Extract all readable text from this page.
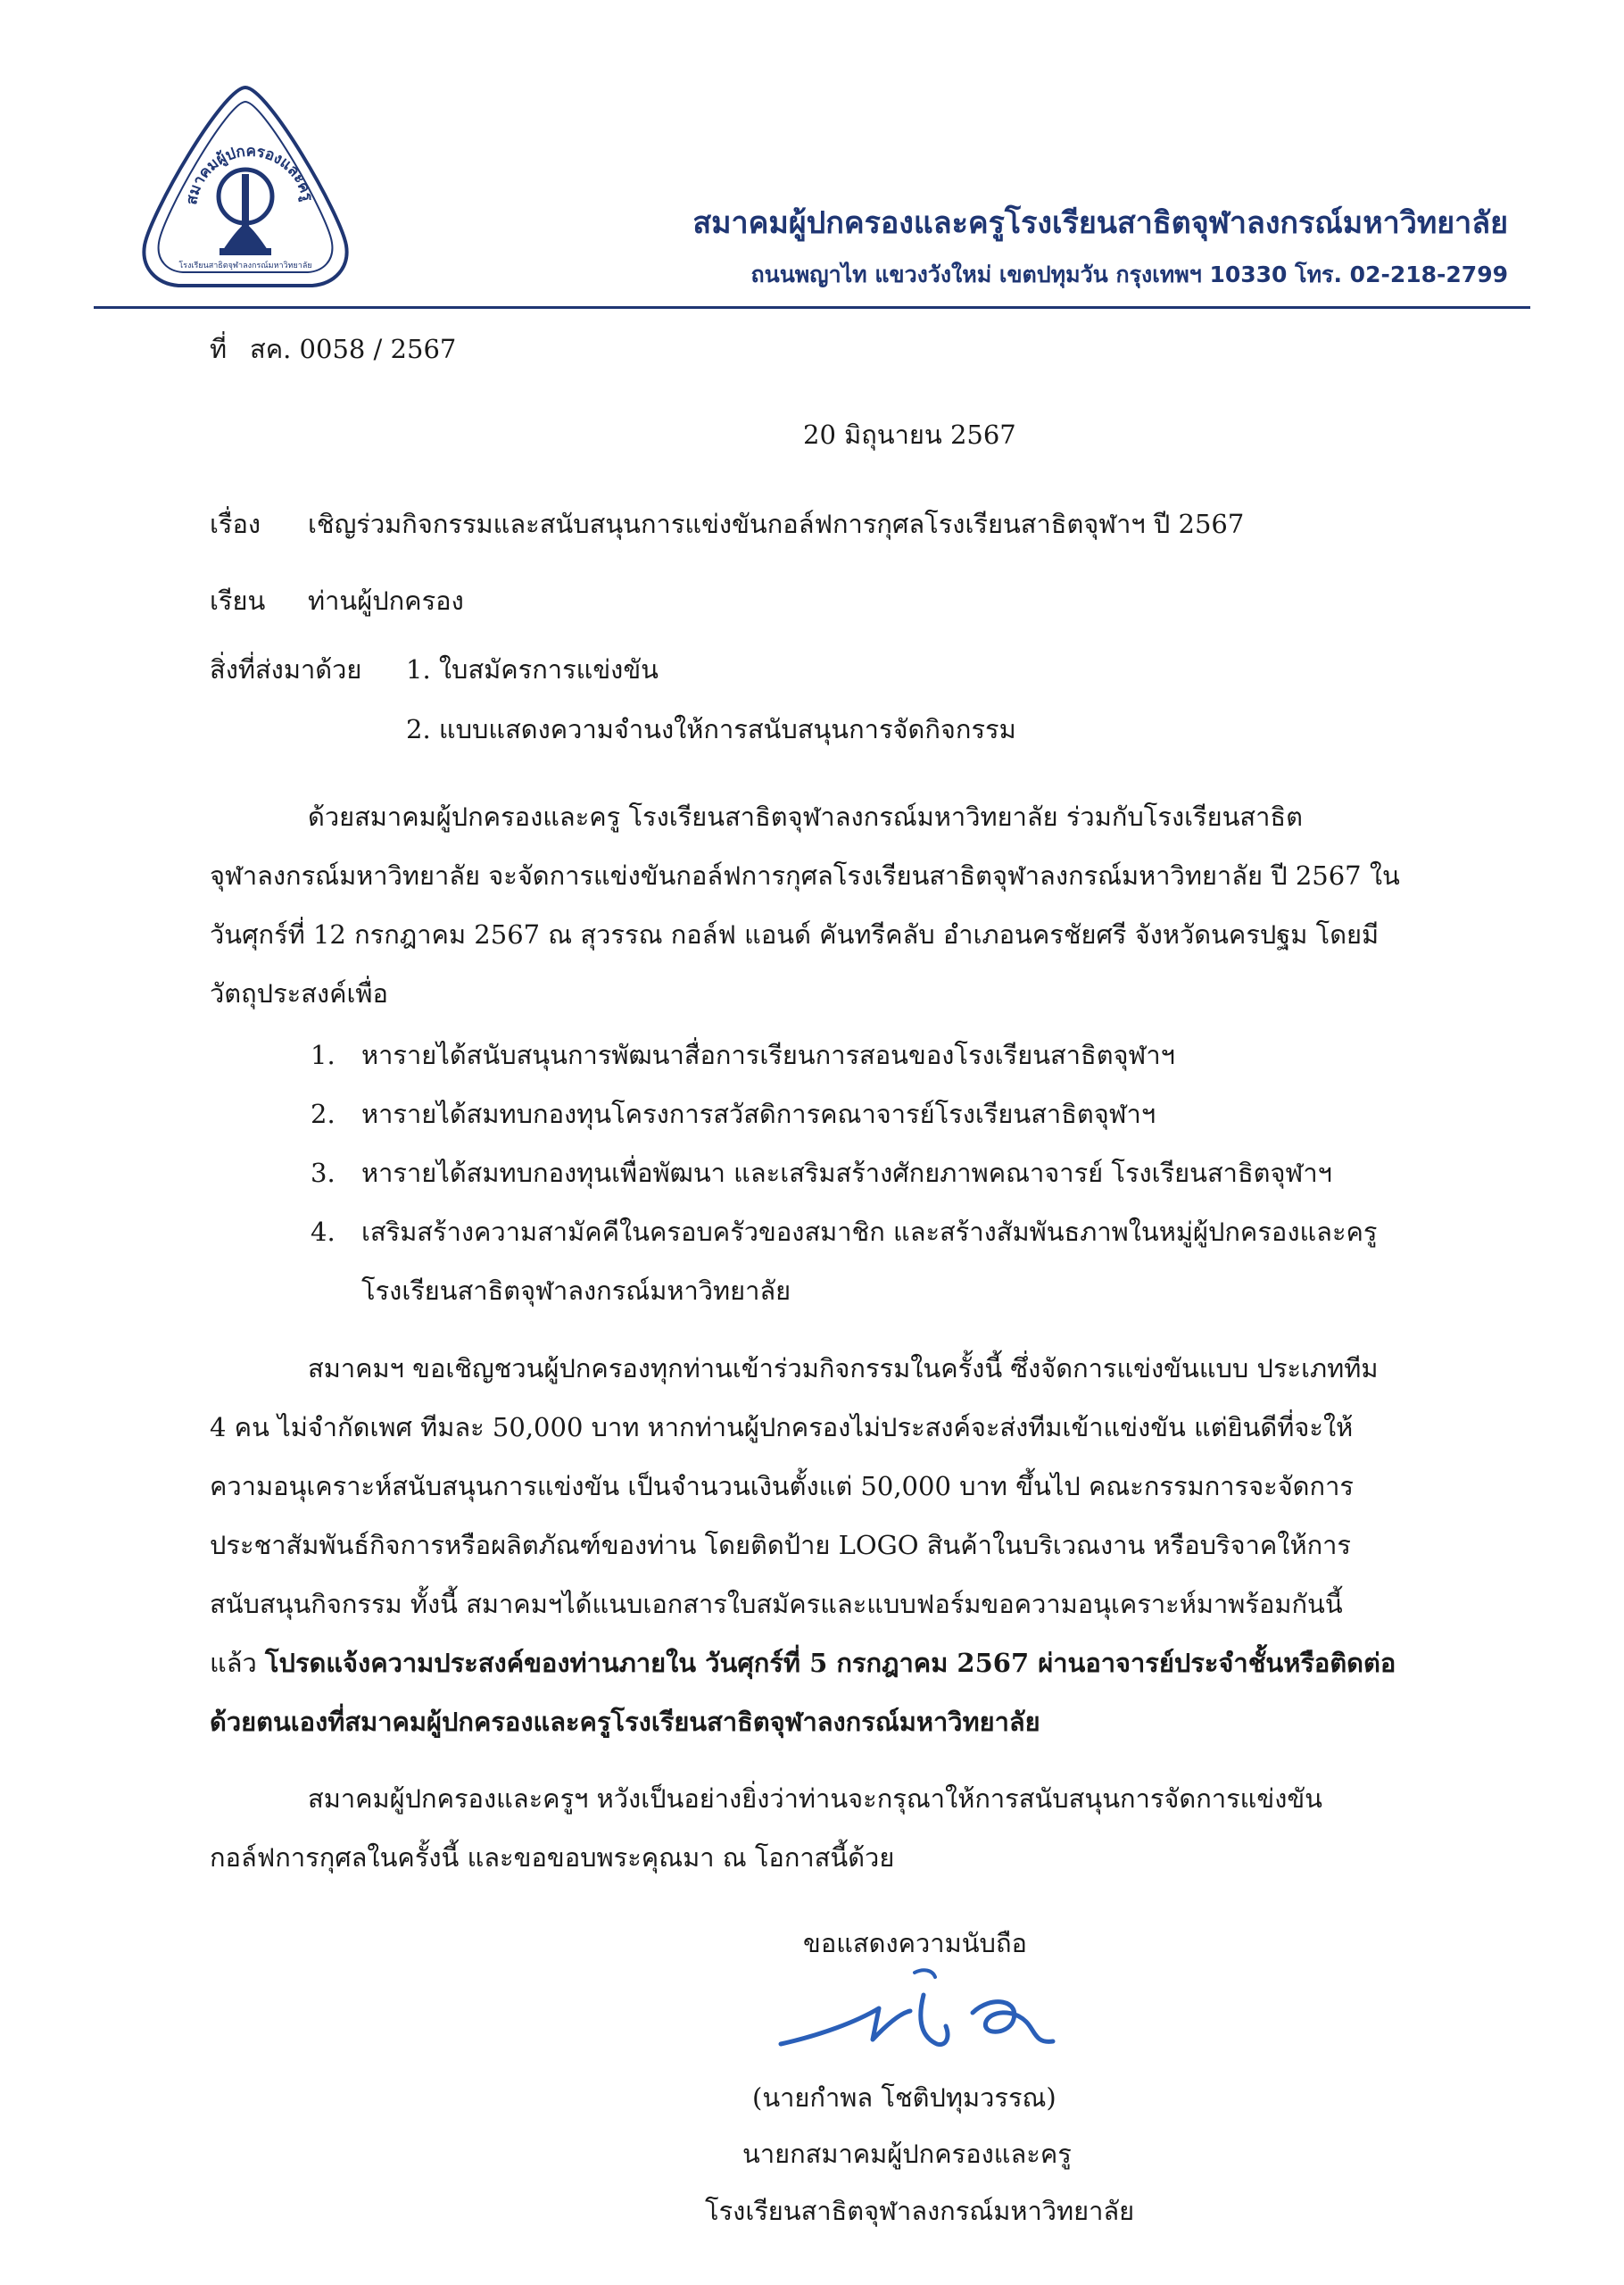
สมาคมผู้ปกครองและครู
โรงเรียนสาธิตจุฬาลงกรณ์มหาวิทยาลัย
สมาคมผู้ปกครองและครูโรงเรียนสาธิตจุฬาลงกรณ์มหาวิทยาลัย
ถนนพญาไท แขวงวังใหม่ เขตปทุมวัน กรุงเทพฯ 10330 โทร. 02-218-2799
ที่ สค. 0058 / 2567
20 มิถุนายน 2567
เรื่อง เชิญร่วมกิจกรรมและสนับสนุนการแข่งขันกอล์ฟการกุศลโรงเรียนสาธิตจุฬาฯ ปี 2567
เรียน ท่านผู้ปกครอง
สิ่งที่ส่งมาด้วย 1. ใบสมัครการแข่งขัน
2. แบบแสดงความจำนงให้การสนับสนุนการจัดกิจกรรม
ด้วยสมาคมผู้ปกครองและครู โรงเรียนสาธิตจุฬาลงกรณ์มหาวิทยาลัย ร่วมกับโรงเรียนสาธิต
จุฬาลงกรณ์มหาวิทยาลัย จะจัดการแข่งขันกอล์ฟการกุศลโรงเรียนสาธิตจุฬาลงกรณ์มหาวิทยาลัย ปี 2567 ใน
วันศุกร์ที่ 12 กรกฎาคม 2567 ณ สุวรรณ กอล์ฟ แอนด์ คันทรีคลับ อำเภอนครชัยศรี จังหวัดนครปฐม โดยมี
วัตถุประสงค์เพื่อ
1. หารายได้สนับสนุนการพัฒนาสื่อการเรียนการสอนของโรงเรียนสาธิตจุฬาฯ
2. หารายได้สมทบกองทุนโครงการสวัสดิการคณาจารย์โรงเรียนสาธิตจุฬาฯ
3. หารายได้สมทบกองทุนเพื่อพัฒนา และเสริมสร้างศักยภาพคณาจารย์ โรงเรียนสาธิตจุฬาฯ
4. เสริมสร้างความสามัคคีในครอบครัวของสมาชิก และสร้างสัมพันธภาพในหมู่ผู้ปกครองและครู
โรงเรียนสาธิตจุฬาลงกรณ์มหาวิทยาลัย
สมาคมฯ ขอเชิญชวนผู้ปกครองทุกท่านเข้าร่วมกิจกรรมในครั้งนี้ ซึ่งจัดการแข่งขันแบบ ประเภททีม
4 คน ไม่จำกัดเพศ ทีมละ 50,000 บาท หากท่านผู้ปกครองไม่ประสงค์จะส่งทีมเข้าแข่งขัน แต่ยินดีที่จะให้
ความอนุเคราะห์สนับสนุนการแข่งขัน เป็นจำนวนเงินตั้งแต่ 50,000 บาท ขึ้นไป คณะกรรมการจะจัดการ
ประชาสัมพันธ์กิจการหรือผลิตภัณฑ์ของท่าน โดยติดป้าย LOGO สินค้าในบริเวณงาน หรือบริจาคให้การ
สนับสนุนกิจกรรม ทั้งนี้ สมาคมฯได้แนบเอกสารใบสมัครและแบบฟอร์มขอความอนุเคราะห์มาพร้อมกันนี้
แล้ว โปรดแจ้งความประสงค์ของท่านภายใน วันศุกร์ที่ 5 กรกฎาคม 2567 ผ่านอาจารย์ประจำชั้นหรือติดต่อ
ด้วยตนเองที่สมาคมผู้ปกครองและครูโรงเรียนสาธิตจุฬาลงกรณ์มหาวิทยาลัย
สมาคมผู้ปกครองและครูฯ หวังเป็นอย่างยิ่งว่าท่านจะกรุณาให้การสนับสนุนการจัดการแข่งขัน
กอล์ฟการกุศลในครั้งนี้ และขอขอบพระคุณมา ณ โอกาสนี้ด้วย
ขอแสดงความนับถือ
(นายกำพล โชติปทุมวรรณ)
นายกสมาคมผู้ปกครองและครู
โรงเรียนสาธิตจุฬาลงกรณ์มหาวิทยาลัย
